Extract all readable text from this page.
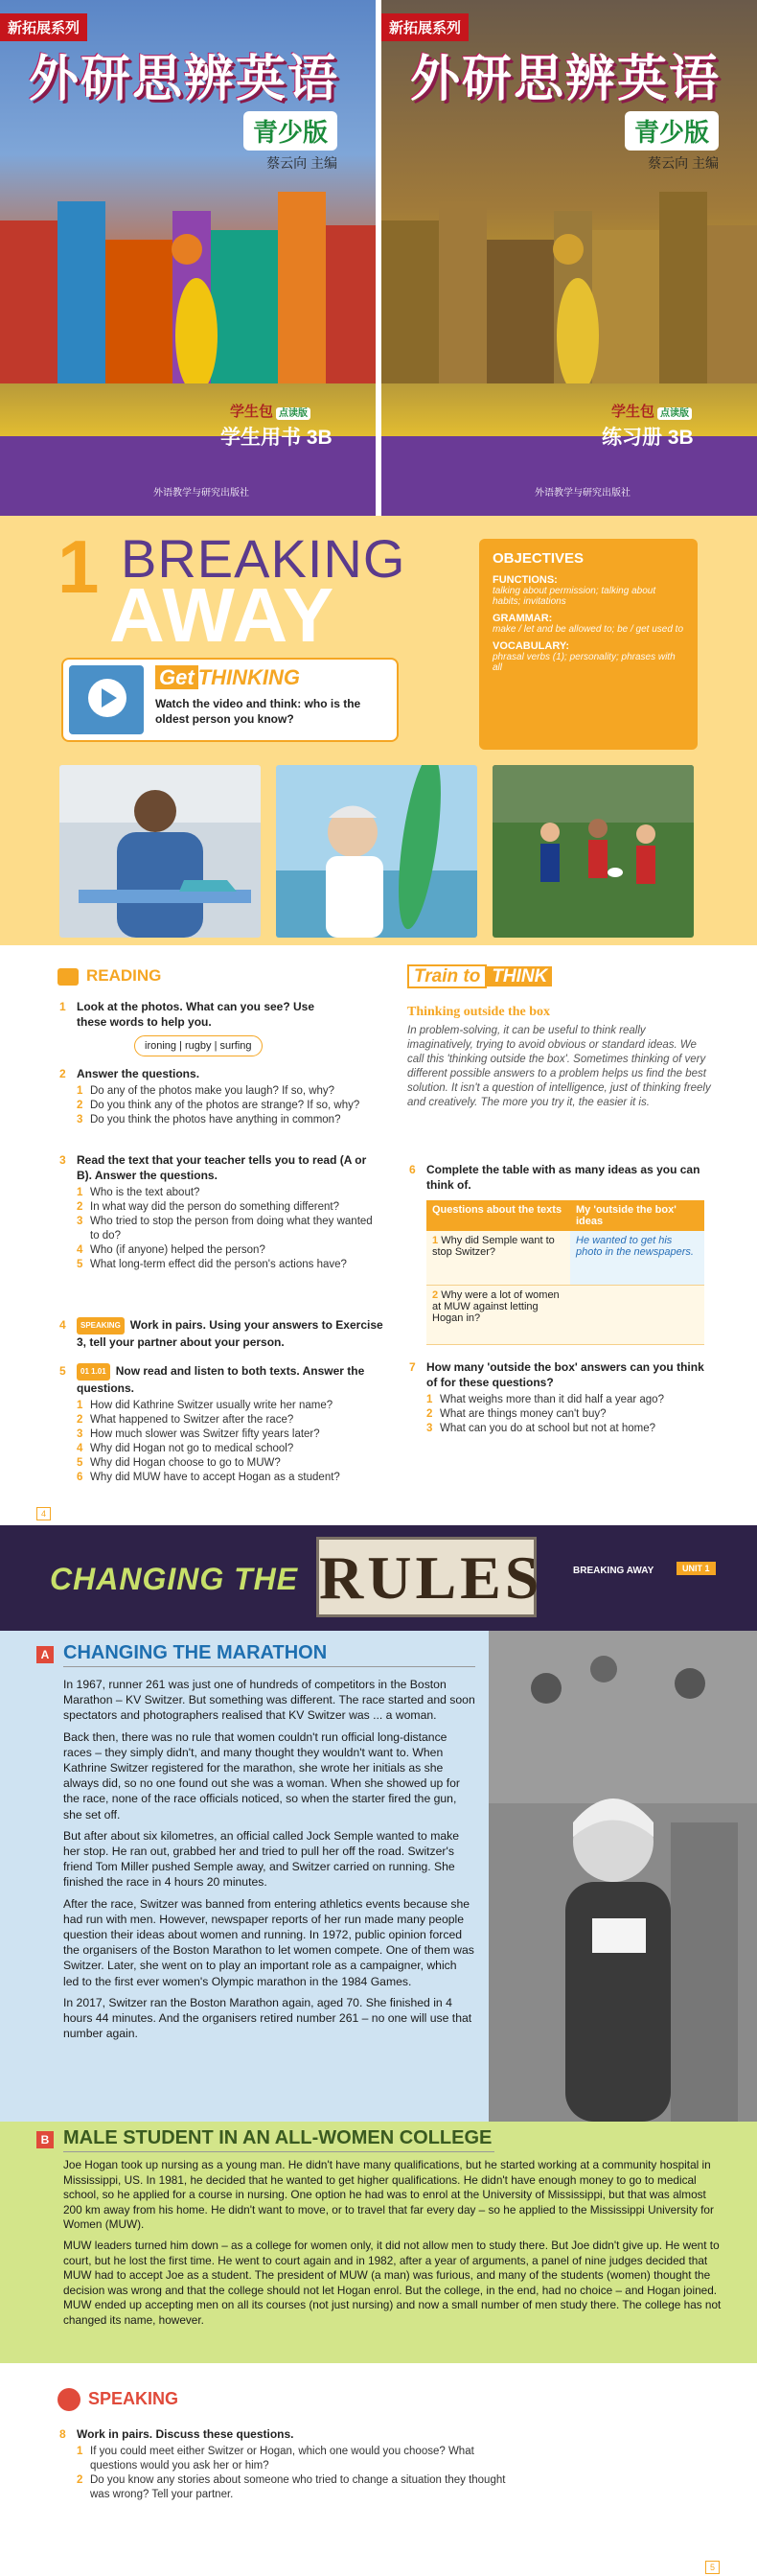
新拓展系列
外研思辨英语
青少版
蔡云向 主编
学生包 点读版
学生用书 3B
外语教学与研究出版社
新拓展系列
外研思辨英语
青少版
蔡云向 主编
学生包 点读版
练习册 3B
外语教学与研究出版社
1 BREAKING
AWAY
OBJECTIVES
FUNCTIONS:
talking about permission; talking about habits; invitations
GRAMMAR:
make / let and be allowed to; be / get used to
VOCABULARY:
phrasal verbs (1); personality; phrases with all
Get THINKING
Watch the video and think: who is the oldest person you know?
READING
1 Look at the photos. What can you see? Use these words to help you.
ironing | rugby | surfing
2 Answer the questions.
1 Do any of the photos make you laugh? If so, why?
2 Do you think any of the photos are strange? If so, why?
3 Do you think the photos have anything in common?
3 Read the text that your teacher tells you to read (A or B). Answer the questions.
1 Who is the text about?
2 In what way did the person do something different?
3 Who tried to stop the person from doing what they wanted to do?
4 Who (if anyone) helped the person?
5 What long-term effect did the person's actions have?
4 SPEAKING Work in pairs. Using your answers to Exercise 3, tell your partner about your person.
5 01 1.01 Now read and listen to both texts. Answer the questions.
1 How did Kathrine Switzer usually write her name?
2 What happened to Switzer after the race?
3 How much slower was Switzer fifty years later?
4 Why did Hogan not go to medical school?
5 Why did Hogan choose to go to MUW?
6 Why did MUW have to accept Hogan as a student?
Train to THINK
Thinking outside the box
In problem-solving, it can be useful to think really imaginatively, trying to avoid obvious or standard ideas. We call this 'thinking outside the box'. Sometimes thinking of very different possible answers to a problem helps us find the best solution. It isn't a question of intelligence, just of thinking freely and creatively. The more you try it, the easier it is.
6 Complete the table with as many ideas as you can think of.
Questions about the texts	My 'outside the box' ideas
1 Why did Semple want to stop Switzer?	He wanted to get his photo in the newspapers.
2 Why were a lot of women at MUW against letting Hogan in?	
7 How many 'outside the box' answers can you think of for these questions?
1 What weighs more than it did half a year ago?
2 What are things money can't buy?
3 What can you do at school but not at home?
4
CHANGING THE RULES	BREAKING AWAY	UNIT 1
A CHANGING THE MARATHON

In 1967, runner 261 was just one of hundreds of competitors in the Boston Marathon – KV Switzer. But something was different. The race started and soon spectators and photographers realised that KV Switzer was ... a woman.

Back then, there was no rule that women couldn't run official long-distance races – they simply didn't, and many thought they wouldn't want to. When Kathrine Switzer registered for the marathon, she wrote her initials as she always did, so no one found out she was a woman. When she showed up for the race, none of the race officials noticed, so when the starter fired the gun, she set off.

But after about six kilometres, an official called Jock Semple wanted to make her stop. He ran out, grabbed her and tried to pull her off the road. Switzer's friend Tom Miller pushed Semple away, and Switzer carried on running. She finished the race in 4 hours 20 minutes.

After the race, Switzer was banned from entering athletics events because she had run with men. However, newspaper reports of her run made many people question their ideas about women and running. In 1972, public opinion forced the organisers of the Boston Marathon to let women compete. One of them was Switzer. Later, she went on to play an important role as a campaigner, which led to the first ever women's Olympic marathon in the 1984 Games.

In 2017, Switzer ran the Boston Marathon again, aged 70. She finished in 4 hours 44 minutes. And the organisers retired number 261 – no one will use that number again.

B MALE STUDENT IN AN ALL-WOMEN COLLEGE

Joe Hogan took up nursing as a young man. He didn't have many qualifications, but he started working at a community hospital in Mississippi, US. In 1981, he decided that he wanted to get higher qualifications. He didn't have enough money to go to medical school, so he applied for a course in nursing. One option he had was to enrol at the University of Mississippi, but that was almost 200 km away from his home. He didn't want to move, or to travel that far every day – so he applied to the Mississippi University for Women (MUW).

MUW leaders turned him down – as a college for women only, it did not allow men to study there. But Joe didn't give up. He went to court, but he lost the first time. He went to court again and in 1982, after a year of arguments, a panel of nine judges decided that MUW had to accept Joe as a student. The president of MUW (a man) was furious, and many of the students (women) thought the decision was wrong and that the college should not let Hogan enrol. But the college, in the end, had no choice – and Hogan joined. MUW ended up accepting men on all its courses (not just nursing) and now a small number of men study there. The college has not changed its name, however.

SPEAKING
8 Work in pairs. Discuss these questions.
1 If you could meet either Switzer or Hogan, which one would you choose? What questions would you ask her or him?
2 Do you know any stories about someone who tried to change a situation they thought was wrong? Tell your partner.
5
